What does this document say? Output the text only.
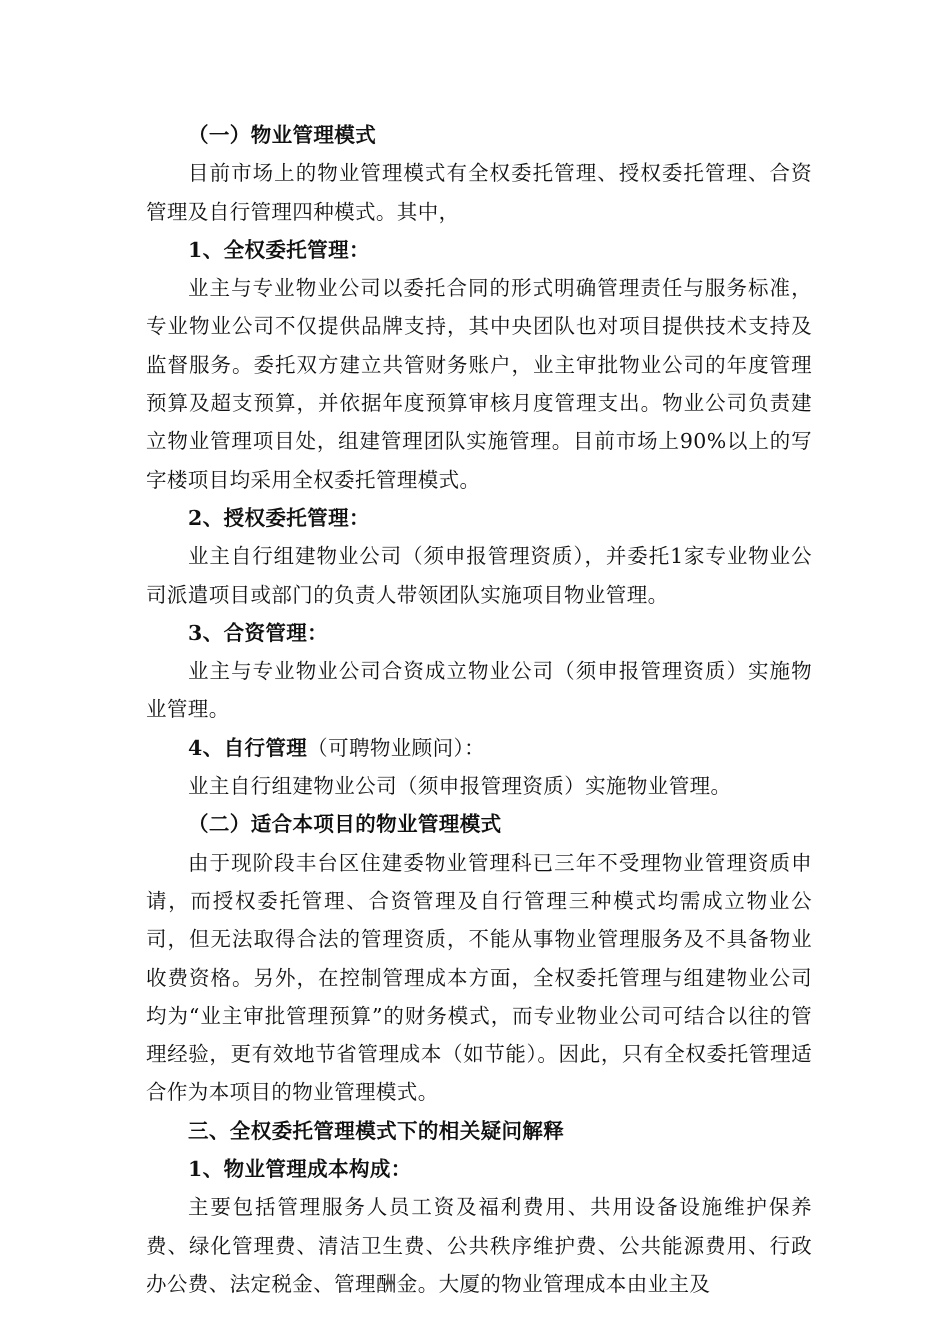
（一）物业管理模式

目前市场上的物业管理模式有全权委托管理、授权委托管理、合资管理及自行管理四种模式。其中，

1、全权委托管理：

业主与专业物业公司以委托合同的形式明确管理责任与服务标准，专业物业公司不仅提供品牌支持，其中央团队也对项目提供技术支持及监督服务。委托双方建立共管财务账户，业主审批物业公司的年度管理预算及超支预算，并依据年度预算审核月度管理支出。物业公司负责建立物业管理项目处，组建管理团队实施管理。目前市场上90%以上的写字楼项目均采用全权委托管理模式。

2、授权委托管理：

业主自行组建物业公司（须申报管理资质），并委托1家专业物业公司派遣项目或部门的负责人带领团队实施项目物业管理。

3、合资管理：

业主与专业物业公司合资成立物业公司（须申报管理资质）实施物业管理。

4、自行管理（可聘物业顾问）：

业主自行组建物业公司（须申报管理资质）实施物业管理。

（二）适合本项目的物业管理模式

由于现阶段丰台区住建委物业管理科已三年不受理物业管理资质申请，而授权委托管理、合资管理及自行管理三种模式均需成立物业公司，但无法取得合法的管理资质，不能从事物业管理服务及不具备物业收费资格。另外，在控制管理成本方面，全权委托管理与组建物业公司均为“业主审批管理预算”的财务模式，而专业物业公司可结合以往的管理经验，更有效地节省管理成本（如节能）。因此，只有全权委托管理适合作为本项目的物业管理模式。

三、全权委托管理模式下的相关疑问解释

1、物业管理成本构成：

主要包括管理服务人员工资及福利费用、共用设备设施维护保养费、绿化管理费、清洁卫生费、公共秩序维护费、公共能源费用、行政办公费、法定税金、管理酬金。大厦的物业管理成本由业主及
